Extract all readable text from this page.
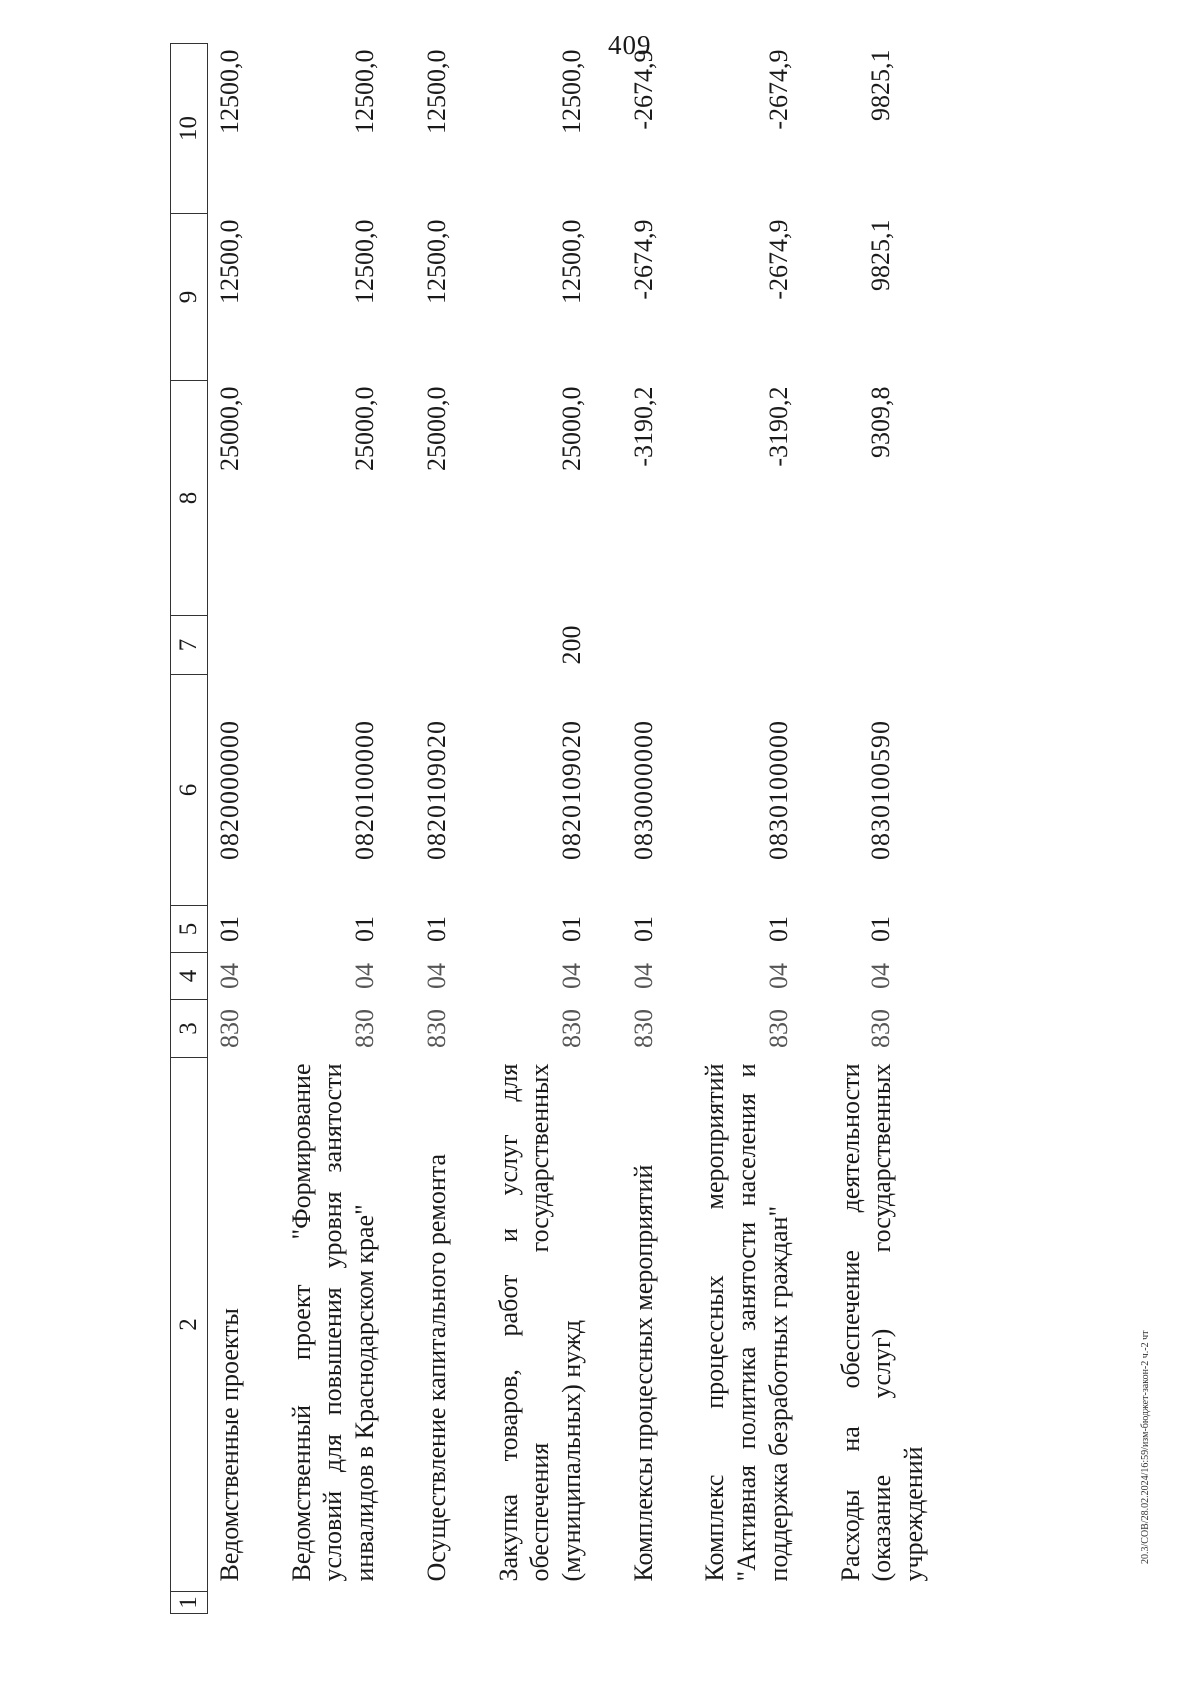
409
1	2	3	4	5	6	7	8	9	10
	Ведомственные проекты	830	04	01	0820000000		25000,0	12500,0	12500,0
	Ведомственный проект "Формирование условий для повышения уровня занятости инвалидов в Краснодарском крае"	830	04	01	0820100000		25000,0	12500,0	12500,0
	Осуществление капитального ремонта	830	04	01	0820109020		25000,0	12500,0	12500,0
	Закупка товаров, работ и услуг для обеспечения государственных (муниципальных) нужд	830	04	01	0820109020	200	25000,0	12500,0	12500,0
	Комплексы процессных мероприятий	830	04	01	0830000000		-3190,2	-2674,9	-2674,9
	Комплекс процессных мероприятий "Активная политика занятости населения и поддержка безработных граждан"	830	04	01	0830100000		-3190,2	-2674,9	-2674,9
	Расходы на обеспечение деятельности (оказание услуг) государственных учреждений	830	04	01	0830100590		9309,8	9825,1	9825,1
20.3/СОВ/28.02.2024/16:59/изм-бюджет-закон-2 ч.-2 чт
